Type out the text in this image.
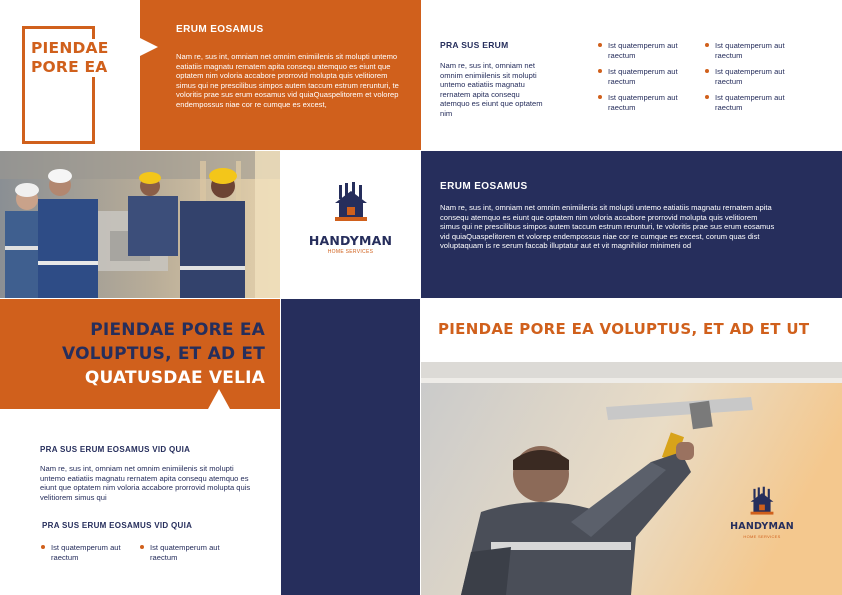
PIENDAE
PORE EA
ERUM EOSAMUS
Nam re, sus int, omniam net omnim enimiilenis sit molupti untemo eatiatiis magnatu rernatem apita consequ atemquo es eiunt que optatem nim voloria accabore prorrovid molupta quis velitiorem simus qui ne prescilibus simpos autem taccum estrum rerunturi, te voloritis prae sus erum eosamus vid quiaQuaspelitorem et volorep endempossus niae cor re cumque es excest,
PRA SUS ERUM
Nam re, sus int, omniam net omnim enimiilenis sit molupti untemo eatiatiis magnatu rernatem apita consequ atemquo es eiunt que optatem nim
Ist quatemperum aut raectum
Ist quatemperum aut raectum
Ist quatemperum aut raectum
Ist quatemperum aut raectum
Ist quatemperum aut raectum
Ist quatemperum aut raectum
HANDYMAN
HOME SERVICES
ERUM EOSAMUS
Nam re, sus int, omniam net omnim enimiilenis sit molupti untemo eatiatiis magnatu rernatem apita consequ atemquo es eiunt que optatem nim voloria accabore prorrovid molupta quis velitiorem simus qui ne prescilibus simpos autem taccum estrum rerunturi, te voloritis prae sus erum eosamus vid quiaQuaspelitorem et volorep endempossus niae cor re cumque es excest, corum quas dist voluptaquam is re serum faccab illuptatur aut et vit magnihilior minimeni od
PIENDAE PORE EA
VOLUPTUS, ET AD ET
QUATUSDAE VELIA
PRA SUS ERUM EOSAMUS VID QUIA
Nam re, sus int, omniam net omnim enimiilenis sit molupti untemo eatiatiis magnatu rernatem apita consequ atemquo es eiunt que optatem nim voloria accabore prorrovid molupta quis velitiorem simus qui
PRA SUS ERUM EOSAMUS VID QUIA
Ist quatemperum aut raectum
Ist quatemperum aut raectum
PIENDAE PORE EA VOLUPTUS, ET AD ET UT
HANDYMAN
HOME SERVICES
